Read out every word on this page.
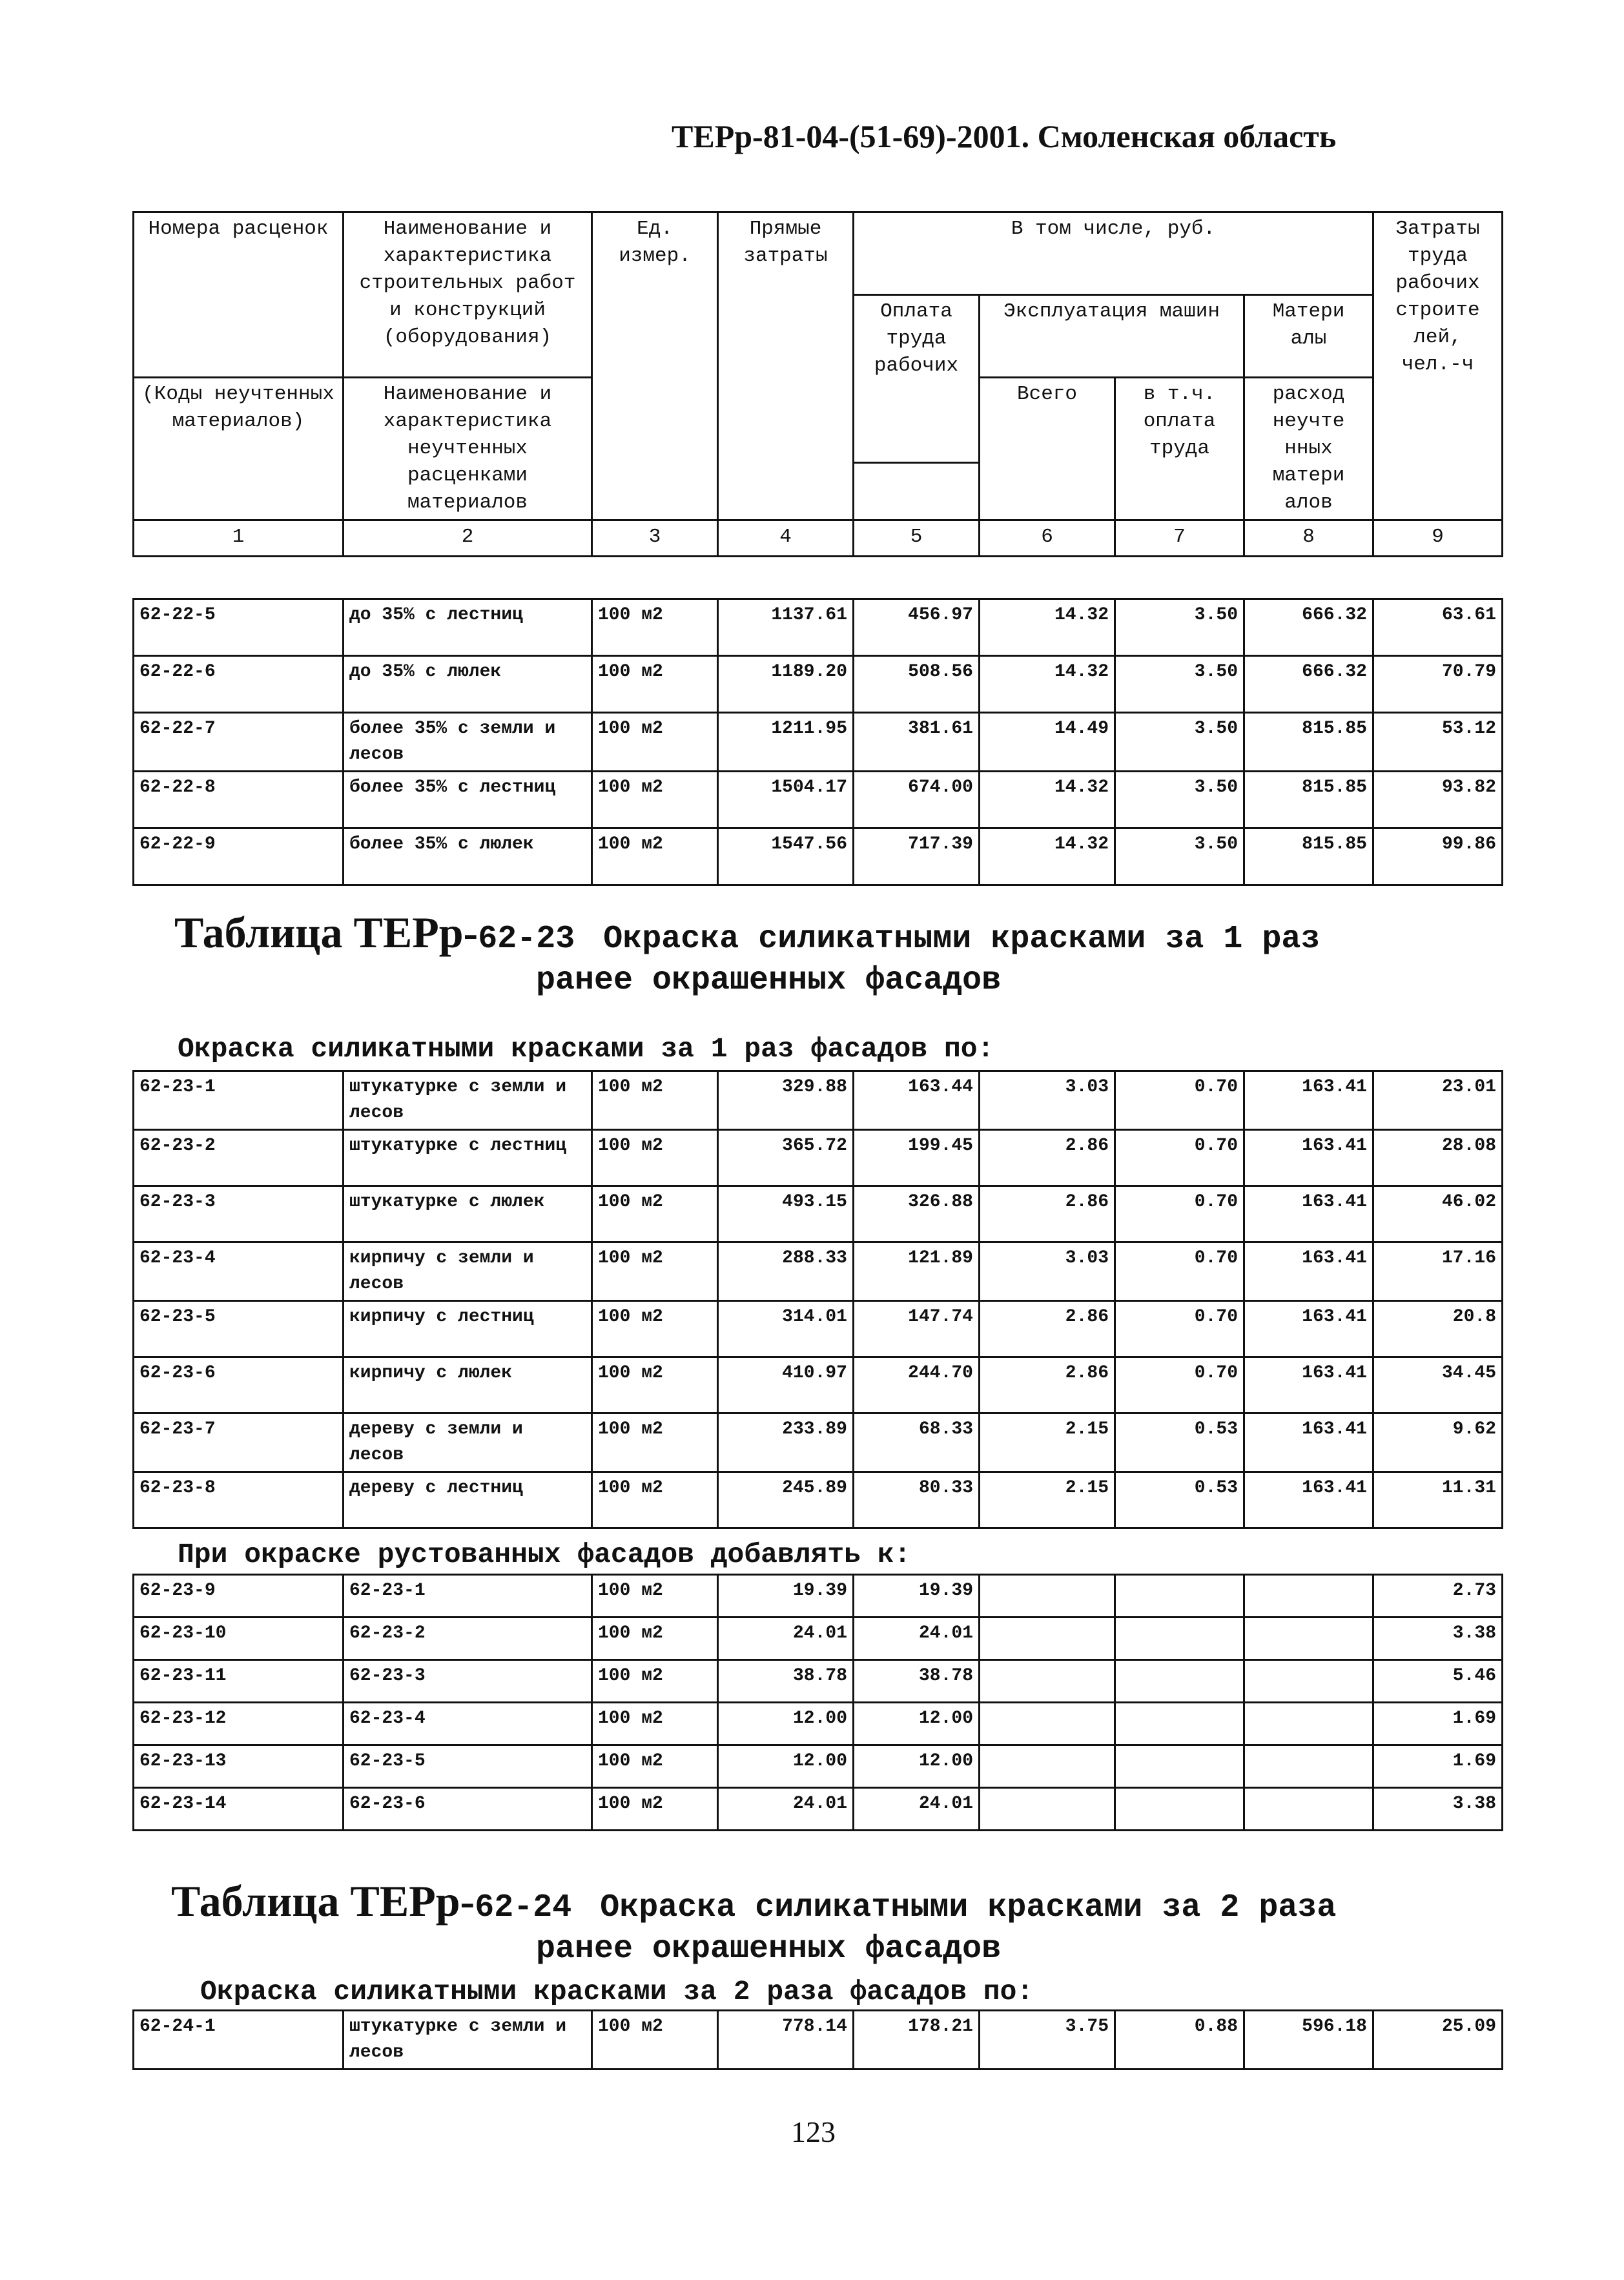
ТЕРр-81-04-(51-69)-2001. Смоленская область
Номера расценок	Наименование и характеристика строительных работ и конструкций (оборудования)	Ед. измер.	Прямые затраты	В том числе, руб.				Затраты труда рабочих строите лей, чел.-ч
				Оплата труда рабочих	Эксплуатация машин		Матери алы	
(Коды неучтенных материалов)	Наименование и характеристика неучтенных расценками материалов				Всего	в т.ч. оплата труда	расход неучте нных матери алов	

1	2	3	4	5	6	7	8	9
62-22-5	до 35% с лестниц	100 м2	1137.61	456.97	14.32	3.50	666.32	63.61
62-22-6	до 35% с люлек	100 м2	1189.20	508.56	14.32	3.50	666.32	70.79
62-22-7	более 35% с земли и лесов	100 м2	1211.95	381.61	14.49	3.50	815.85	53.12
62-22-8	более 35% с лестниц	100 м2	1504.17	674.00	14.32	3.50	815.85	93.82
62-22-9	более 35% с люлек	100 м2	1547.56	717.39	14.32	3.50	815.85	99.86
Таблица ТЕРр-62-23 Окраска силикатными красками за 1 раз
ранее окрашенных фасадов
Окраска силикатными красками за 1 раз фасадов по:
62-23-1	штукатурке с земли и лесов	100 м2	329.88	163.44	3.03	0.70	163.41	23.01
62-23-2	штукатурке с лестниц	100 м2	365.72	199.45	2.86	0.70	163.41	28.08
62-23-3	штукатурке с люлек	100 м2	493.15	326.88	2.86	0.70	163.41	46.02
62-23-4	кирпичу с земли и лесов	100 м2	288.33	121.89	3.03	0.70	163.41	17.16
62-23-5	кирпичу с лестниц	100 м2	314.01	147.74	2.86	0.70	163.41	20.8
62-23-6	кирпичу с люлек	100 м2	410.97	244.70	2.86	0.70	163.41	34.45
62-23-7	дереву с земли и лесов	100 м2	233.89	68.33	2.15	0.53	163.41	9.62
62-23-8	дереву с лестниц	100 м2	245.89	80.33	2.15	0.53	163.41	11.31
При окраске рустованных фасадов добавлять к:
62-23-9	62-23-1	100 м2	19.39	19.39				2.73
62-23-10	62-23-2	100 м2	24.01	24.01				3.38
62-23-11	62-23-3	100 м2	38.78	38.78				5.46
62-23-12	62-23-4	100 м2	12.00	12.00				1.69
62-23-13	62-23-5	100 м2	12.00	12.00				1.69
62-23-14	62-23-6	100 м2	24.01	24.01				3.38
Таблица ТЕРр-62-24 Окраска силикатными красками за 2 раза
ранее окрашенных фасадов
Окраска силикатными красками за 2 раза фасадов по:
62-24-1	штукатурке с земли и лесов	100 м2	778.14	178.21	3.75	0.88	596.18	25.09
123
